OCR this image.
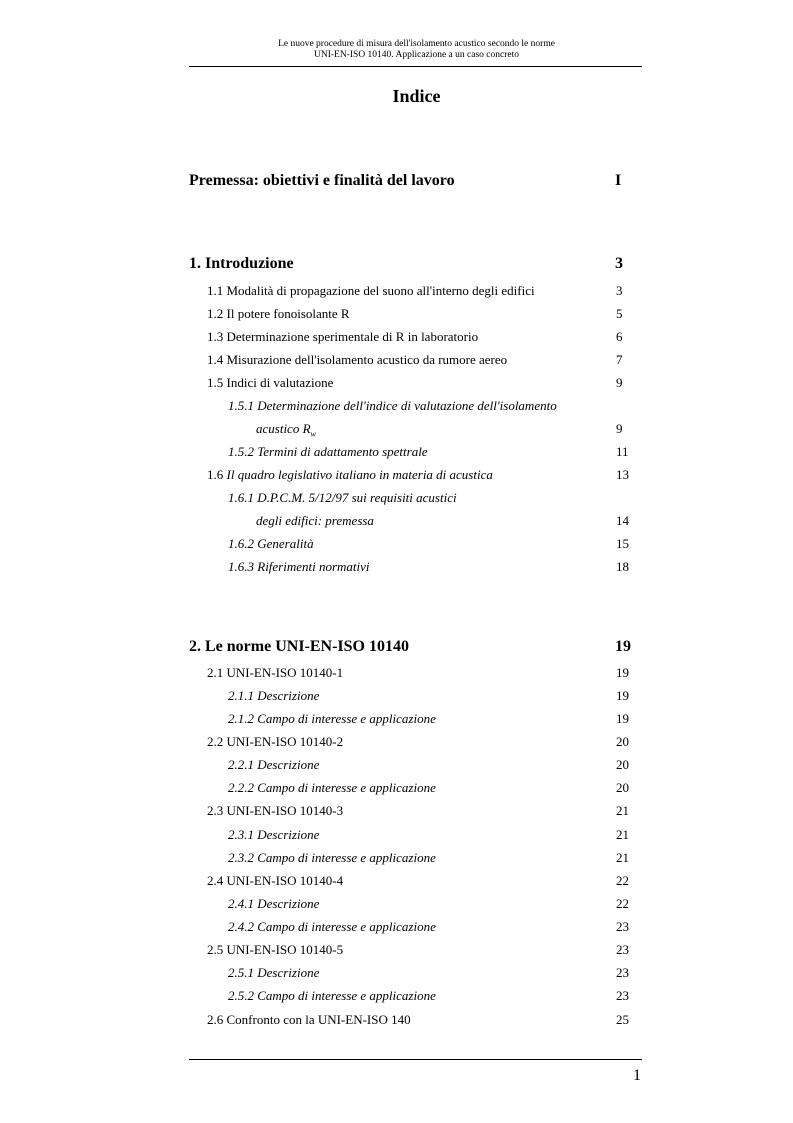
Le nuove procedure di misura dell'isolamento acustico secondo le norme
UNI-EN-ISO 10140. Applicazione a un caso concreto
Indice
Premessa: obiettivi e finalità del lavoro	I
1. Introduzione	3
1.1 Modalità di propagazione del suono all'interno degli edifici	3
1.2 Il potere fonoisolante R	5
1.3 Determinazione sperimentale di R in laboratorio	6
1.4 Misurazione dell'isolamento acustico da rumore aereo	7
1.5 Indici di valutazione	9
1.5.1 Determinazione dell'indice di valutazione dell'isolamento
acustico $R_w$	9
1.5.2 Termini di adattamento spettrale	11
1.6 Il quadro legislativo italiano in materia di acustica	13
1.6.1 D.P.C.M. 5/12/97 sui requisiti acustici
degli edifici: premessa	14
1.6.2 Generalità	15
1.6.3 Riferimenti normativi	18
2. Le norme UNI-EN-ISO 10140	19
2.1 UNI-EN-ISO 10140-1	19
2.1.1 Descrizione	19
2.1.2 Campo di interesse e applicazione	19
2.2 UNI-EN-ISO 10140-2	20
2.2.1 Descrizione	20
2.2.2 Campo di interesse e applicazione	20
2.3 UNI-EN-ISO 10140-3	21
2.3.1 Descrizione	21
2.3.2 Campo di interesse e applicazione	21
2.4 UNI-EN-ISO 10140-4	22
2.4.1 Descrizione	22
2.4.2 Campo di interesse e applicazione	23
2.5 UNI-EN-ISO 10140-5	23
2.5.1 Descrizione	23
2.5.2 Campo di interesse e applicazione	23
2.6 Confronto con la UNI-EN-ISO 140	25
1
